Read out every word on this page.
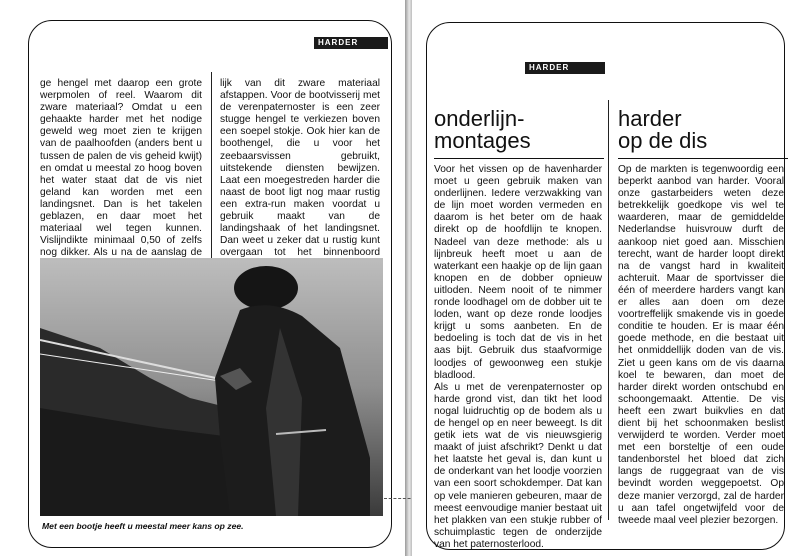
HARDER
ge hengel met daarop een grote werpmolen of reel. Waarom dit zware materiaal? Omdat u een gehaakte harder met het nodige geweld weg moet zien te krijgen van de paalhoofden (anders bent u tussen de palen de vis geheid kwijt) en omdat u meestal zo hoog boven het water staat dat de vis niet geland kan worden met een landingsnet. Dan is het takelen geblazen, en daar moet het materiaal wel tegen kunnen. Vislijndikte minimaal 0,50 of zelfs nog dikker. Als u na de aanslag de
lijk van dit zware materiaal afstappen. Voor de bootvisserij met de verenpaternoster is een zeer stugge hengel te verkiezen boven een soepel stokje. Ook hier kan de boothengel, die u voor het zeebaarsvissen gebruikt, uitstekende diensten bewijzen. Laat een moegestreden harder die naast de boot ligt nog maar rustig een extra-run maken voordat u gebruik maakt van de landingshaak of het landingsnet. Dan weet u zeker dat u rustig kunt overgaan tot het binnenboord
Met een bootje heeft u meestal meer kans op zee.
HARDER
onderlijn-
montages
harder
op de dis
Voor het vissen op de havenharder moet u geen gebruik maken van onderlijnen. Iedere verzwakking van de lijn moet worden vermeden en daarom is het beter om de haak direkt op de hoofdlijn te knopen. Nadeel van deze methode: als u lijnbreuk heeft moet u aan de waterkant een haakje op de lijn gaan knopen en de dobber opnieuw uitloden. Neem nooit of te nimmer ronde loodhagel om de dobber uit te loden, want op deze ronde loodjes krijgt u soms aanbeten. En de bedoeling is toch dat de vis in het aas bijt. Gebruik dus staafvormige loodjes of gewoonweg een stukje bladlood.
Als u met de verenpaternoster op harde grond vist, dan tikt het lood nogal luidruchtig op de bodem als u de hengel op en neer beweegt. Is dit getik iets wat de vis nieuwsgierig maakt of juist afschrikt? Denkt u dat het laatste het geval is, dan kunt u de onderkant van het loodje voorzien van een soort schokdemper. Dat kan op vele manieren gebeuren, maar de meest eenvoudige manier bestaat uit het plakken van een stukje rubber of schuimplastic tegen de onderzijde van het paternosterlood.
Op de markten is tegenwoordig een beperkt aanbod van harder. Vooral onze gastarbeiders weten deze betrekkelijk goedkope vis wel te waarderen, maar de gemiddelde Nederlandse huisvrouw durft de aankoop niet goed aan. Misschien terecht, want de harder loopt direkt na de vangst hard in kwaliteit achteruit. Maar de sportvisser die één of meerdere harders vangt kan er alles aan doen om deze voortreffelijk smakende vis in goede conditie te houden. Er is maar één goede methode, en die bestaat uit het onmiddellijk doden van de vis. Ziet u geen kans om de vis daarna koel te bewaren, dan moet de harder direkt worden ontschubd en schoongemaakt. Attentie. De vis heeft een zwart buikvlies en dat dient bij het schoonmaken beslist verwijderd te worden. Verder moet met een borsteltje of een oude tandenborstel het bloed dat zich langs de ruggegraat van de vis bevindt worden weggepoetst. Op deze manier verzorgd, zal de harder u aan tafel ongetwijfeld voor de tweede maal veel plezier bezorgen.
